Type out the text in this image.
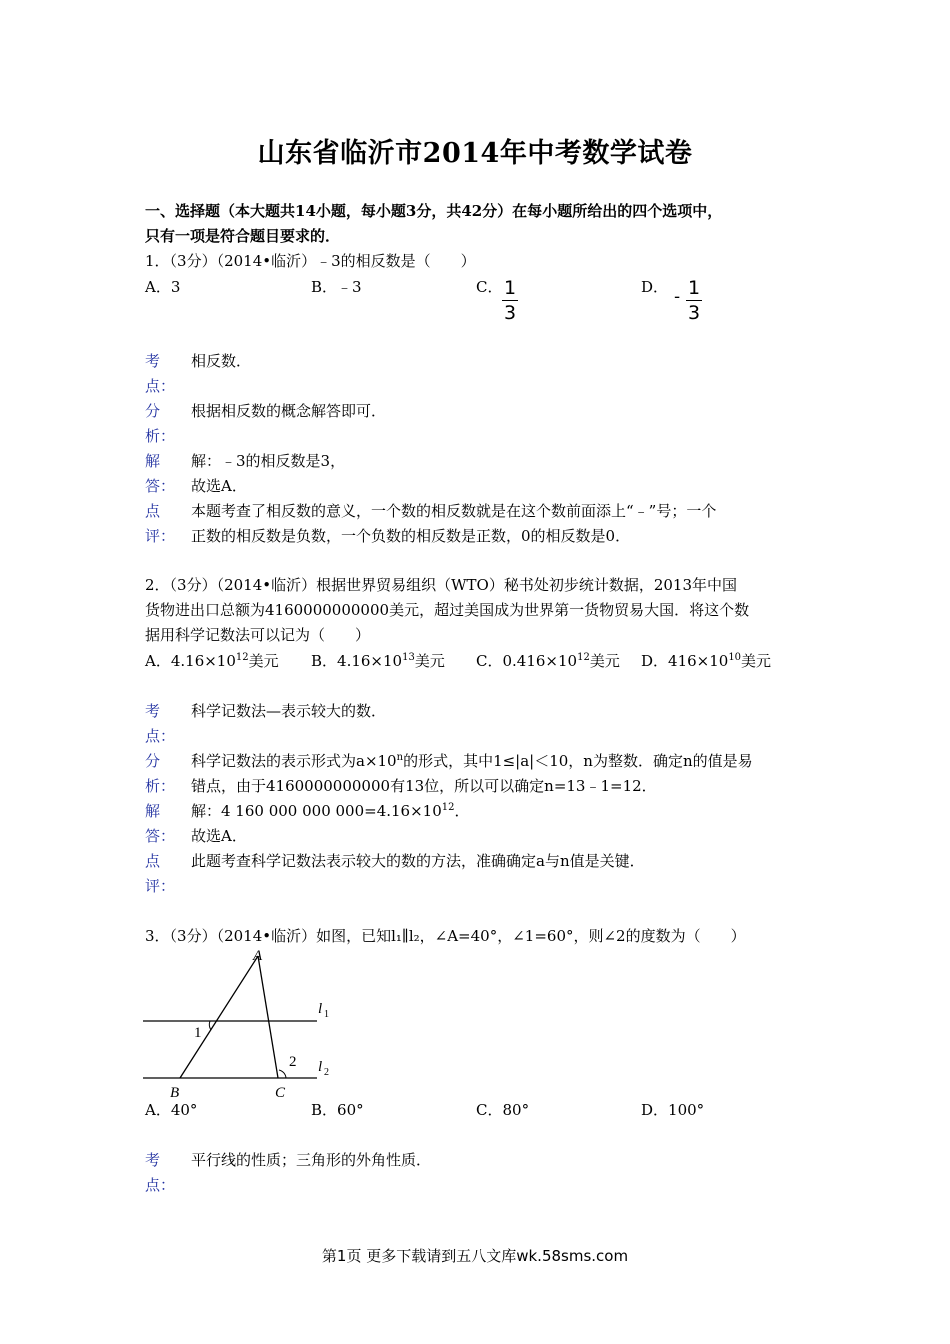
山东省临沂市2014年中考数学试卷
一、选择题（本大题共14小题，每小题3分，共42分）在每小题所给出的四个选项中，
只有一项是符合题目要求的．
1．（3分）（2014•临沂）﹣3的相反数是（　　）
A．3	B．﹣3	C． $\frac{1}{3}$	D． - $\frac{1}{3}$
考
点：
相反数．
分
析：
根据相反数的概念解答即可．
解
答：
解：﹣3的相反数是3，
故选A．
点
评：
本题考查了相反数的意义，一个数的相反数就是在这个数前面添上“﹣”号；一个
正数的相反数是负数，一个负数的相反数是正数，0的相反数是0．
2．（3分）（2014•临沂）根据世界贸易组织（WTO）秘书处初步统计数据，2013年中国
货物进出口总额为4160000000000美元，超过美国成为世界第一货物贸易大国．将这个数
据用科学记数法可以记为（　　）
A．$4.16\times 10^{12}$美元 B．$4.16\times 10^{13}$美元 C．$0.416\times 10^{12}$美元 D．$416\times 10^{10}$美元
考
点：
科学记数法—表示较大的数．
分
析：
科学记数法的表示形式为$a\times 10^n$的形式，其中1≤|a|＜10，n为整数．确定n的值是易
错点，由于4160000000000有13位，所以可以确定n=13﹣1=12．
解
答：
解：4 160 000 000 $000=4.16\times 10^{12}$．
故选A．
点
评：
此题考查科学记数法表示较大的数的方法，准确确定a与n值是关键．
3．（3分）（2014•临沂）如图，已知l₁∥l₂，∠A=40°，∠1=60°，则∠2的度数为（　　）
A
B	C
1
2
l 1
l 2
A．40°	B．60°	C．80°	D．100°
考
点：
平行线的性质；三角形的外角性质．
第1页 更多下载请到五八文库wk.58sms.com
